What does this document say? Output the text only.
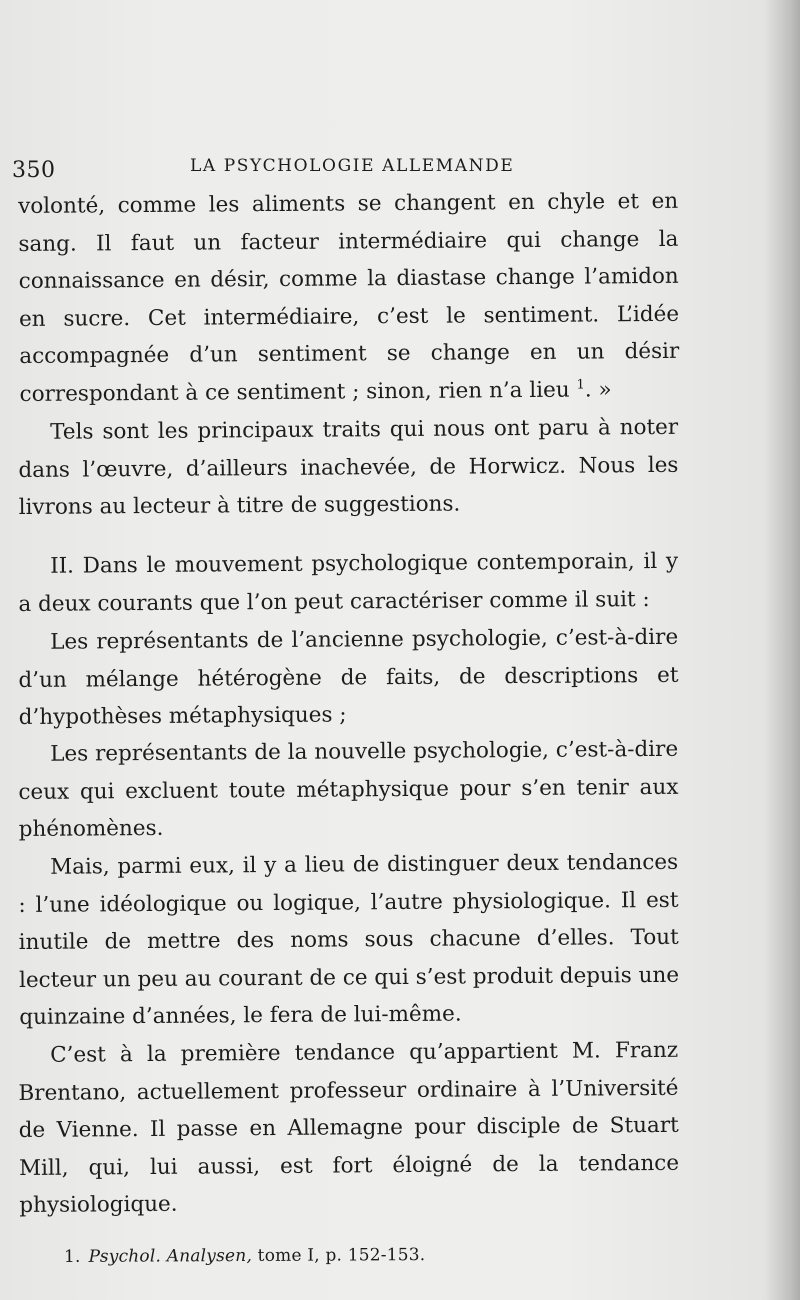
350	LA PSYCHOLOGIE ALLEMANDE

volonté, comme les aliments se changent en chyle et en sang. Il faut un facteur intermédiaire qui change la connaissance en désir, comme la diastase change l’amidon en sucre. Cet intermédiaire, c’est le sentiment. L’idée accompagnée d’un sentiment se change en un désir correspondant à ce sentiment ; sinon, rien n’a lieu $^1$. »

Tels sont les principaux traits qui nous ont paru à noter dans l’œuvre, d’ailleurs inachevée, de Horwicz. Nous les livrons au lecteur à titre de suggestions.

II. Dans le mouvement psychologique contemporain, il y a deux courants que l’on peut caractériser comme il suit :

Les représentants de l’ancienne psychologie, c’est-à-dire d’un mélange hétérogène de faits, de descriptions et d’hypothèses métaphysiques ;

Les représentants de la nouvelle psychologie, c’est-à-dire ceux qui excluent toute métaphysique pour s’en tenir aux phénomènes.

Mais, parmi eux, il y a lieu de distinguer deux tendances : l’une idéologique ou logique, l’autre physiologique. Il est inutile de mettre des noms sous chacune d’elles. Tout lecteur un peu au courant de ce qui s’est produit depuis une quinzaine d’années, le fera de lui-même.

C’est à la première tendance qu’appartient M. Franz Brentano, actuellement professeur ordinaire à l’Université de Vienne. Il passe en Allemagne pour disciple de Stuart Mill, qui, lui aussi, est fort éloigné de la tendance physiologique.

1. Psychol. Analysen, tome I, p. 152-153.
